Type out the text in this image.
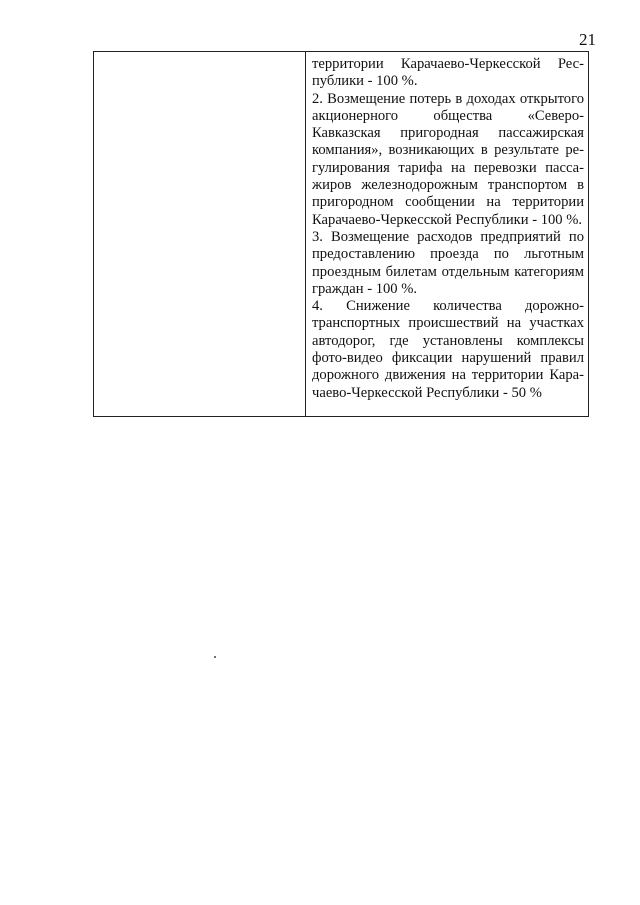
21

территории Карачаево-Черкесской Республики - 100 %.

2. Возмещение потерь в доходах открытого акционерного общества «Северо-Кавказская пригородная пассажирская компания», возникающих в результате регулирования тарифа на перевозки пассажиров железнодорожным транспортом в пригородном сообщении на территории Карачаево-Черкесской Республики - 100 %.

3. Возмещение расходов предприятий по предоставлению проезда по льготным проездным билетам отдельным категориям граждан - 100 %.

4. Снижение количества дорожно-транспортных происшествий на участках автодорог, где установлены комплексы фото-видео фиксации нарушений правил дорожного движения на территории Карачаево-Черкесской Республики - 50 %
